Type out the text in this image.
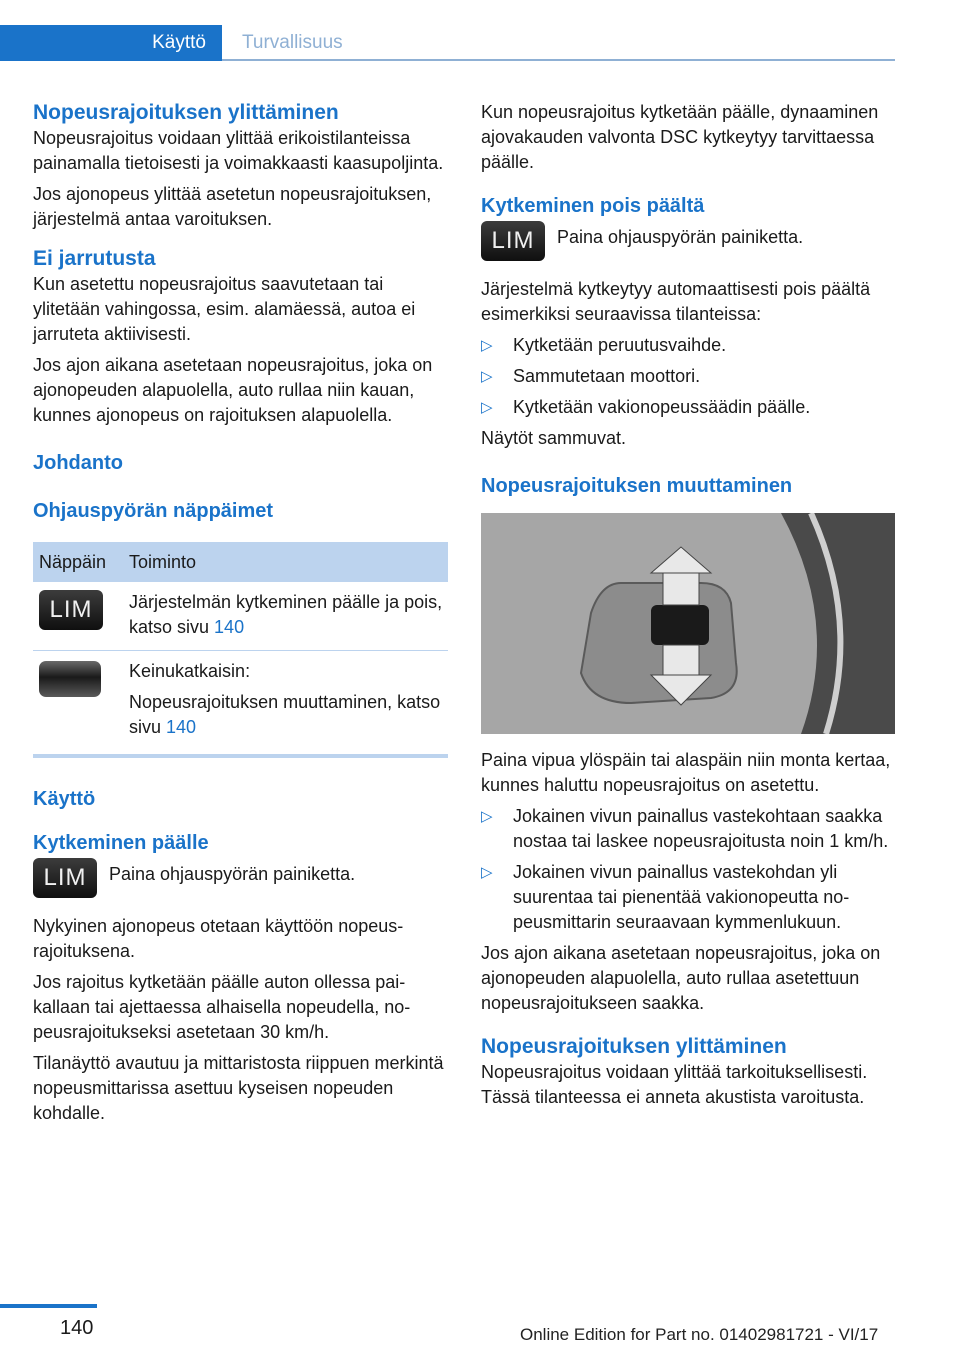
Käyttö Turvallisuus
Nopeusrajoituksen ylittäminen

Nopeusrajoitus voidaan ylittää erikoistilanteissa painamalla tietoisesti ja voimakkaasti kaasupoljinta.

Jos ajonopeus ylittää asetetun nopeusrajoituksen, järjestelmä antaa varoituksen.

Ei jarrutusta

Kun asetettu nopeusrajoitus saavutetaan tai ylitetään vahingossa, esim. alamäessä, autoa ei jarruteta aktiivisesti.

Jos ajon aikana asetetaan nopeusrajoitus, joka on ajonopeuden alapuolella, auto rullaa niin kauan, kunnes ajonopeus on rajoituksen alapuolella.

Johdanto
Ohjauspyörän näppäimet
Näppäin	Toiminto
LIM	Järjestelmän kytkeminen päälle ja pois, katso sivu 140

	Keinukatkaisin:

Nopeusrajoituksen muuttaminen, katso sivu 140

Käyttö
Kytkeminen päälle
LIM	Paina ohjauspyörän painiketta.

Nykyinen ajonopeus otetaan käyttöön nopeusrajoituksena.

Jos rajoitus kytketään päälle auton ollessa paikallaan tai ajettaessa alhaisella nopeudella, nopeusrajoitukseksi asetetaan 30 km/h.

Tilanäyttö avautuu ja mittaristosta riippuen merkintä nopeusmittarissa asettuu kyseisen nopeuden kohdalle.

Kun nopeusrajoitus kytketään päälle, dynaaminen ajovakauden valvonta DSC kytkeytyy tarvittaessa päälle.

Kytkeminen pois päältä
LIM	Paina ohjauspyörän painiketta.

Järjestelmä kytkeytyy automaattisesti pois päältä esimerkiksi seuraavissa tilanteissa:

▷ Kytketään peruutusvaihde.
▷ Sammutetaan moottori.
▷ Kytketään vakionopeussäädin päälle.

Näytöt sammuvat.

Nopeusrajoituksen muuttaminen

Paina vipua ylöspäin tai alaspäin niin monta kertaa, kunnes haluttu nopeusrajoitus on asetettu.

▷ Jokainen vivun painallus vastekohtaan saakka nostaa tai laskee nopeusrajoitusta noin 1 km/h.
▷ Jokainen vivun painallus vastekohdan yli suurentaa tai pienentää vakionopeutta nopeusmittarin seuraavaan kymmenlukuun.

Jos ajon aikana asetetaan nopeusrajoitus, joka on ajonopeuden alapuolella, auto rullaa asetettuun nopeusrajoitukseen saakka.

Nopeusrajoituksen ylittäminen

Nopeusrajoitus voidaan ylittää tarkoituksellisesti. Tässä tilanteessa ei anneta akustista varoitusta.

140	Online Edition for Part no. 01402981721 - VI/17
